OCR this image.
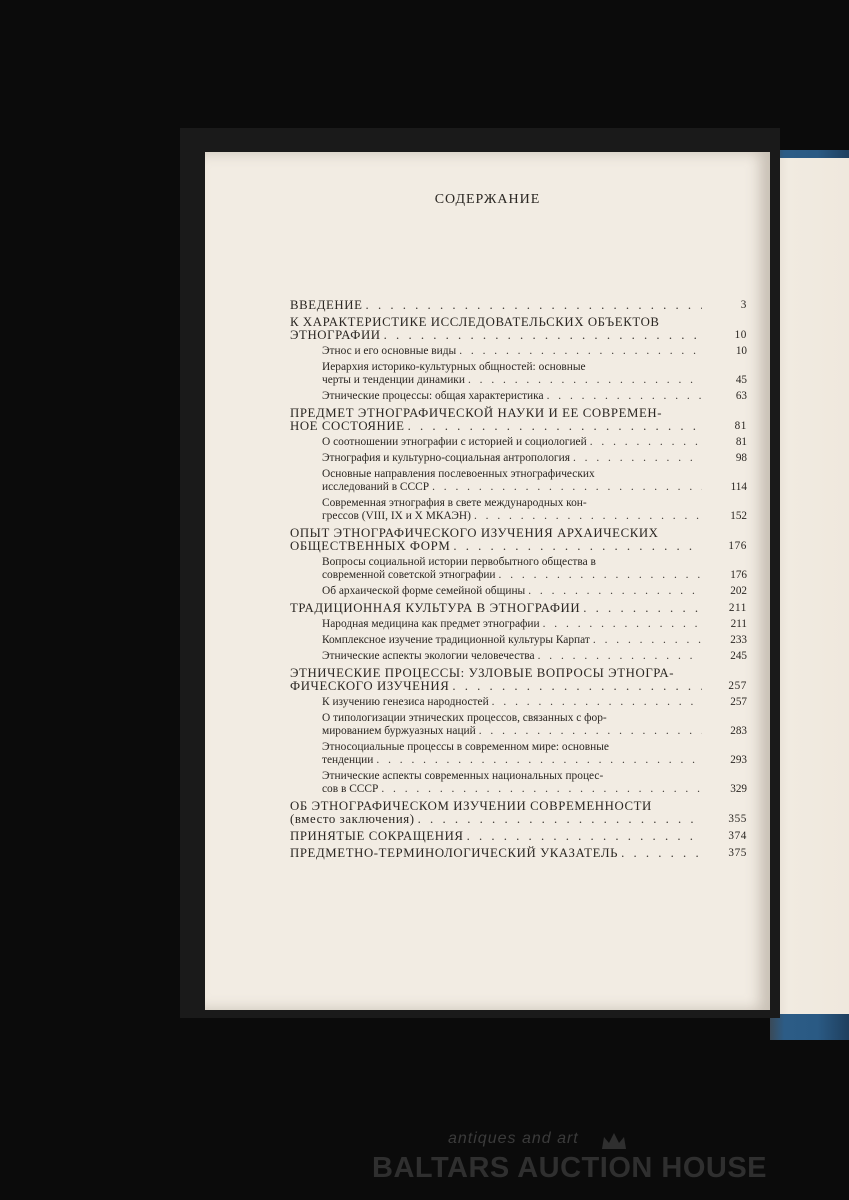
СОДЕРЖАНИЕ
ВВЕДЕНИЕ . . .	3
К ХАРАКТЕРИСТИКЕ ИССЛЕДОВАТЕЛЬСКИХ ОБЪЕКТОВ
ЭТНОГРАФИИ . . .	10
Этнос и его основные виды . . .	10
Иерархия историко-культурных общностей: основные
черты и тенденции динамики . . .	45
Этнические процессы: общая характеристика . . .	63
ПРЕДМЕТ ЭТНОГРАФИЧЕСКОЙ НАУКИ И ЕЕ СОВРЕМЕН-
НОЕ СОСТОЯНИЕ . . .	81
О соотношении этнографии с историей и социологией . . .	81
Этнография и культурно-социальная антропология . . .	98
Основные направления послевоенных этнографических
исследований в СССР . . .	114
Современная этнография в свете международных кон-
грессов (VIII, IX и X МКАЭН) . . .	152
ОПЫТ ЭТНОГРАФИЧЕСКОГО ИЗУЧЕНИЯ АРХАИЧЕСКИХ
ОБЩЕСТВЕННЫХ ФОРМ . . .	176
Вопросы социальной истории первобытного общества в
современной советской этнографии . . .	176
Об архаической форме семейной общины . . .	202
ТРАДИЦИОННАЯ КУЛЬТУРА В ЭТНОГРАФИИ . . .	211
Народная медицина как предмет этнографии . . .	211
Комплексное изучение традиционной культуры Карпат . . .	233
Этнические аспекты экологии человечества . . .	245
ЭТНИЧЕСКИЕ ПРОЦЕССЫ: УЗЛОВЫЕ ВОПРОСЫ ЭТНОГРА-
ФИЧЕСКОГО ИЗУЧЕНИЯ . . .	257
К изучению генезиса народностей . . .	257
О типологизации этнических процессов, связанных с фор-
мированием буржуазных наций . . .	283
Этносоциальные процессы в современном мире: основные
тенденции . . .	293
Этнические аспекты современных национальных процес-
сов в СССР . . .	329
ОБ ЭТНОГРАФИЧЕСКОМ ИЗУЧЕНИИ СОВРЕМЕННОСТИ
(вместо заключения) . . .	355
ПРИНЯТЫЕ СОКРАЩЕНИЯ . . .	374
ПРЕДМЕТНО-ТЕРМИНОЛОГИЧЕСКИЙ УКАЗАТЕЛЬ . . .	375
antiques and art
BALTARS AUCTION HOUSE
